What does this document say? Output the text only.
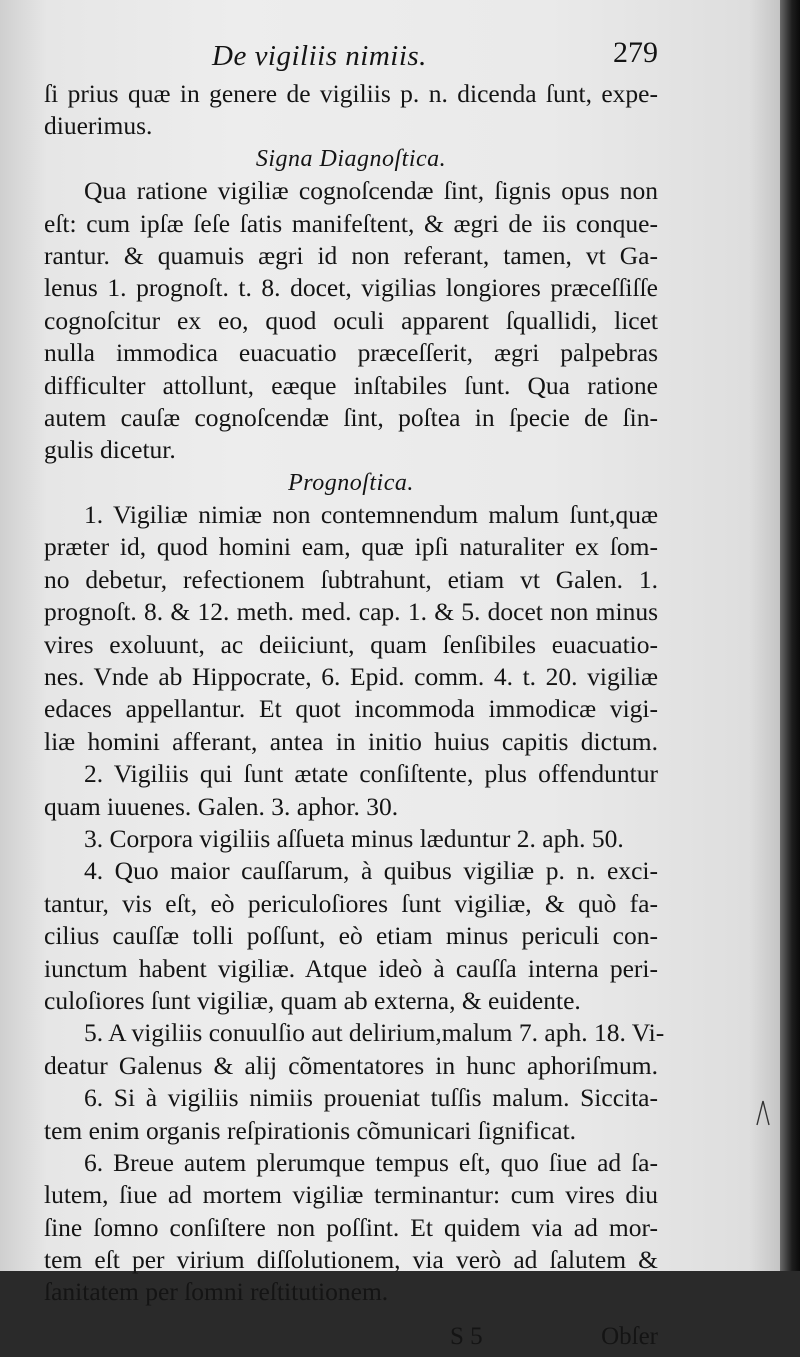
De vigiliis nimiis.	279
ſi prius quæ in genere de vigiliis p. n. dicenda ſunt, expe-
diuerimus.
Signa Diagnoſtica.
Qua ratione vigiliæ cognoſcendæ ſint, ſignis opus non
eſt: cum ipſæ ſeſe ſatis manifeſtent, & ægri de iis conque-
rantur. & quamuis ægri id non referant, tamen, vt Ga-
lenus 1. prognoſt. t. 8. docet, vigilias longiores præceſſiſſe
cognoſcitur ex eo, quod oculi apparent ſquallidi, licet
nulla immodica euacuatio præceſſerit, ægri palpebras
difficulter attollunt, eæque inſtabiles ſunt. Qua ratione
autem cauſæ cognoſcendæ ſint, poſtea in ſpecie de ſin-
gulis dicetur.
Prognoſtica.
1. Vigiliæ nimiæ non contemnendum malum ſunt,quæ
præter id, quod homini eam, quæ ipſi naturaliter ex ſom-
no debetur, refectionem ſubtrahunt, etiam vt Galen. 1.
prognoſt. 8. & 12. meth. med. cap. 1. & 5. docet non minus
vires exoluunt, ac deiiciunt, quam ſenſibiles euacuatio-
nes. Vnde ab Hippocrate, 6. Epid. comm. 4. t. 20. vigiliæ
edaces appellantur. Et quot incommoda immodicæ vigi-
liæ homini afferant, antea in initio huius capitis dictum.
2. Vigiliis qui ſunt ætate conſiſtente, plus offenduntur
quam iuuenes. Galen. 3. aphor. 30.
3. Corpora vigiliis aſſueta minus læduntur 2. aph. 50.
4. Quo maior cauſſarum, à quibus vigiliæ p. n. exci-
tantur, vis eſt, eò periculoſiores ſunt vigiliæ, & quò fa-
cilius cauſſæ tolli poſſunt, eò etiam minus periculi con-
iunctum habent vigiliæ. Atque ideò à cauſſa interna peri-
culoſiores ſunt vigiliæ, quam ab externa, & euidente.
5. A vigiliis conuulſio aut delirium,malum 7. aph. 18. Vi-
deatur Galenus & alij cõmentatores in hunc aphoriſmum.
6. Si à vigiliis nimiis proueniat tuſſis malum. Siccita-
tem enim organis reſpirationis cõmunicari ſignificat.
6. Breue autem plerumque tempus eſt, quo ſiue ad ſa-
lutem, ſiue ad mortem vigiliæ terminantur: cum vires diu
ſine ſomno conſiſtere non poſſint. Et quidem via ad mor-
tem eſt per virium diſſolutionem, via verò ad ſalutem &
ſanitatem per ſomni reſtitutionem.
S 5	Obſer
